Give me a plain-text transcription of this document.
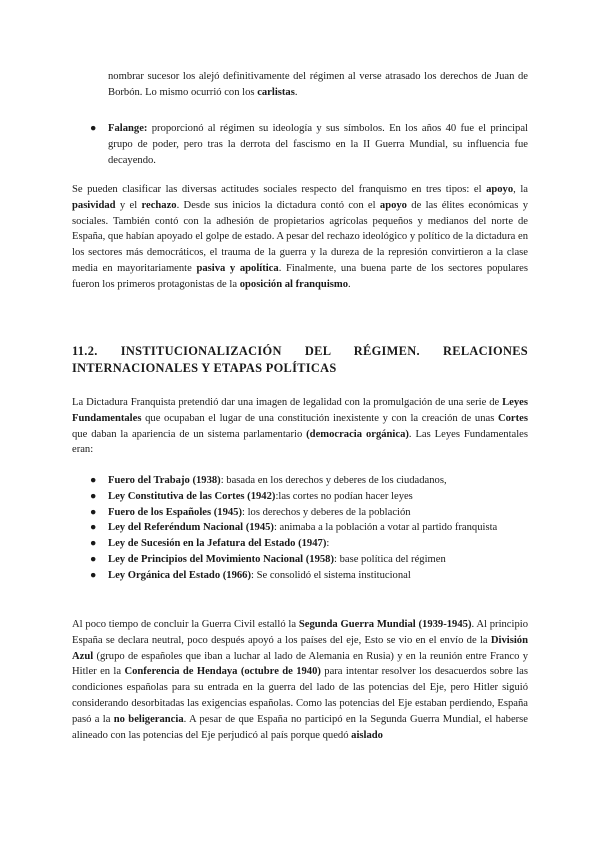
nombrar sucesor los alejó definitivamente del régimen al verse atrasado los derechos de Juan de Borbón. Lo mismo ocurrió con los carlistas.

●	Falange: proporcionó al régimen su ideología y sus símbolos. En los años 40 fue el principal grupo de poder, pero tras la derrota del fascismo en la II Guerra Mundial, su influencia fue decayendo.

Se pueden clasificar las diversas actitudes sociales respecto del franquismo en tres tipos: el apoyo, la pasividad y el rechazo. Desde sus inicios la dictadura contó con el apoyo de las élites económicas y sociales. También contó con la adhesión de propietarios agrícolas pequeños y medianos del norte de España, que habían apoyado el golpe de estado. A pesar del rechazo ideológico y político de la dictadura en los sectores más democráticos, el trauma de la guerra y la dureza de la represión convirtieron a la clase media en mayoritariamente pasiva y apolítica. Finalmente, una buena parte de los sectores populares fueron los primeros protagonistas de la oposición al franquismo.

11.2. INSTITUCIONALIZACIÓN DEL RÉGIMEN. RELACIONES
INTERNACIONALES Y ETAPAS POLÍTICAS

La Dictadura Franquista pretendió dar una imagen de legalidad con la promulgación de una serie de Leyes Fundamentales que ocupaban el lugar de una constitución inexistente y con la creación de unas Cortes que daban la apariencia de un sistema parlamentario (democracia orgánica). Las Leyes Fundamentales eran:

● Fuero del Trabajo (1938): basada en los derechos y deberes de los ciudadanos,
● Ley Constitutiva de las Cortes (1942):las cortes no podían hacer leyes
● Fuero de los Españoles (1945): los derechos y deberes de la población
● Ley del Referéndum Nacional (1945): animaba a la población a votar al partido franquista
● Ley de Sucesión en la Jefatura del Estado (1947):
● Ley de Principios del Movimiento Nacional (1958): base política del régimen
● Ley Orgánica del Estado (1966): Se consolidó el sistema institucional

Al poco tiempo de concluir la Guerra Civil estalló la Segunda Guerra Mundial (1939-1945). Al principio España se declara neutral, poco después apoyó a los países del eje, Esto se vio en el envío de la División Azul (grupo de españoles que iban a luchar al lado de Alemania en Rusia) y en la reunión entre Franco y Hitler en la Conferencia de Hendaya (octubre de 1940) para intentar resolver los desacuerdos sobre las condiciones españolas para su entrada en la guerra del lado de las potencias del Eje, pero Hitler siguió considerando desorbitadas las exigencias españolas. Como las potencias del Eje estaban perdiendo, España pasó a la no beligerancia. A pesar de que España no participó en la Segunda Guerra Mundial, el haberse alineado con las potencias del Eje perjudicó al país porque quedó aislado
